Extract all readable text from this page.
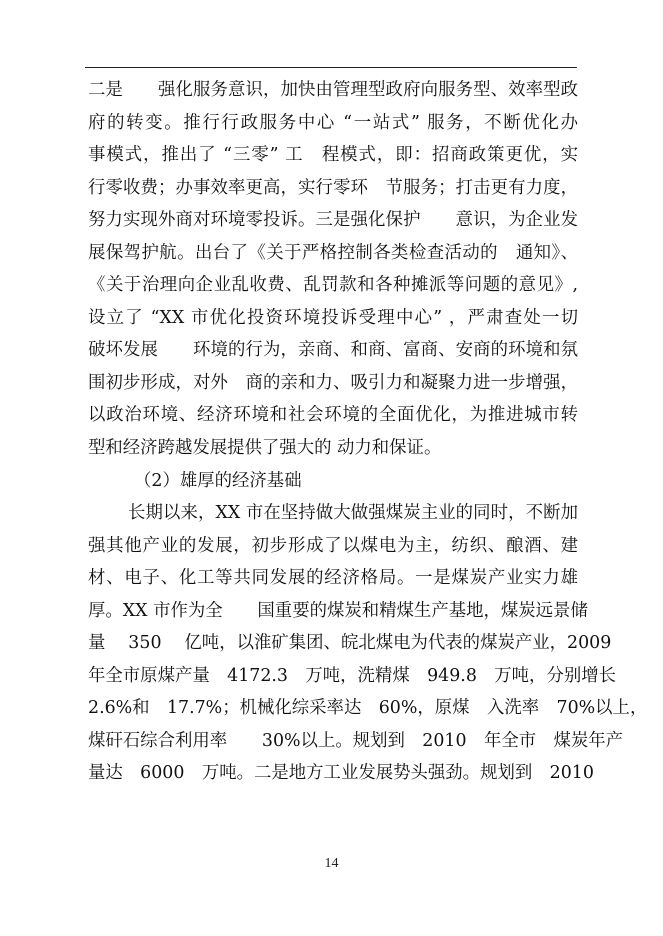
二是　　强化服务意识，加快由管理型政府向服务型、效率型政
府的转变。推行行政服务中心 “一站式” 服务，不断优化办
事模式，推出了 “三零” 工　程模式，即：招商政策更优，实
行零收费；办事效率更高，实行零环　节服务；打击更有力度，
努力实现外商对环境零投诉。三是强化保护　　意识，为企业发
展保驾护航。出台了《关于严格控制各类检查活动的　通知》、
《关于治理向企业乱收费、乱罚款和各种摊派等问题的意见》,
设立了 “XX 市优化投资环境投诉受理中心” ，严肃查处一切
破坏发展　　环境的行为，亲商、和商、富商、安商的环境和氛
围初步形成，对外　商的亲和力、吸引力和凝聚力进一步增强，
以政治环境、经济环境和社会环境的全面优化，为推进城市转
型和经济跨越发展提供了强大的 动力和保证。
（2）雄厚的经济基础
长期以来，XX 市在坚持做大做强煤炭主业的同时，不断加
强其他产业的发展，初步形成了以煤电为主，纺织、酿酒、建
材、电子、化工等共同发展的经济格局。一是煤炭产业实力雄
厚。XX 市作为全　　国重要的煤炭和精煤生产基地，煤炭远景储
量　 350　 亿吨，以淮矿集团、皖北煤电为代表的煤炭产业，2009
年全市原煤产量　4172.3　万吨，洗精煤　949.8　万吨，分别增长
2.6%和　17.7%；机械化综采率达　60%，原煤　入洗率　70%以上，
煤矸石综合利用率　　30%以上。规划到　2010　年全市　煤炭年产
量达　6000　万吨。二是地方工业发展势头强劲。规划到　2010
14
